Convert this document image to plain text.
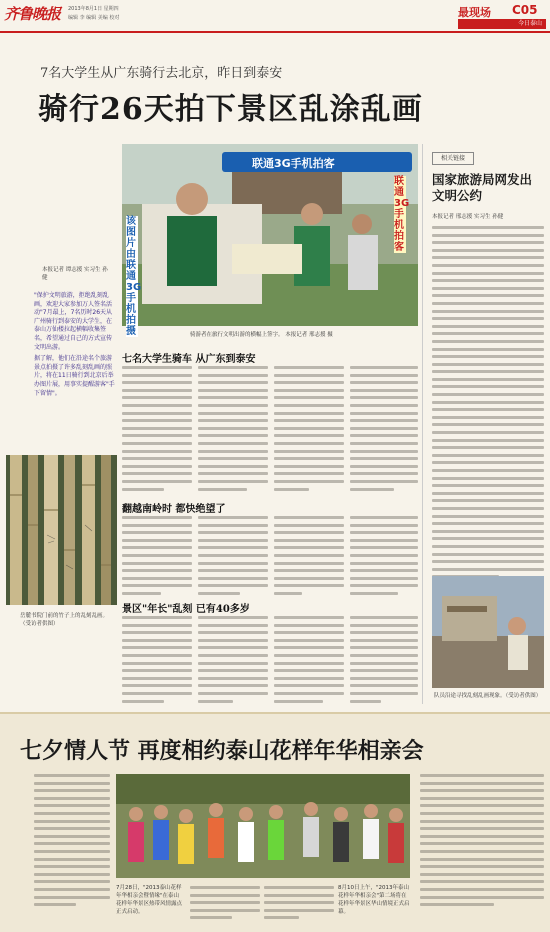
齐鲁晚报 2013年8月1日 星期四
编辑 李 编辑 美编 校对	最现场 C05
今日泰山
7名大学生从广东骑行去北京，昨日到泰安
骑行26天拍下景区乱涂乱画
本报记者 谭志援 实习生 孙健

"保护文明旅游，拒绝乱刻乱画，欢迎大家参加万人签名活动"7月最上，7名历时26天从广州骑行到泰安的大学生，在泰山万仙楼拉起横幅收集签名，希望通过自己的方式宣传文明出游。

据了解，他们在沿途名个旅游景点拍摄了许多乱刻乱画的照片，将在11日骑行到北京后举办图片展，用事实提醒游客"手下留情"。

岳麓书院门前的竹子上的乱刻乱画。（受访者供图）
联通3G手机拍客
该图片由联通3G手机拍摄
联通3G手机拍客
骑游者在旅行文明出游的横幅上签字。 本报记者 邢志援 摄
七名大学生骑车 从广东到泰安
翻越南岭时 都快绝望了
景区"年长"乱刻 已有40多岁
相关链接
国家旅游局网发出文明公约
本报记者 邢志援 实习生 孙健
队员沿途寻找乱刻乱画现象。（受访者供图）
七夕情人节 再度相约泰山花样年华相亲会
7月28日，"2013泰山花样年华相亲会暨情缘"在泰山花样年华景区热带风情露点正式启动。
8月10日上午，"2013年泰山花样年华相亲会"第二场将在花样年华景区华山情境正式启幕。
